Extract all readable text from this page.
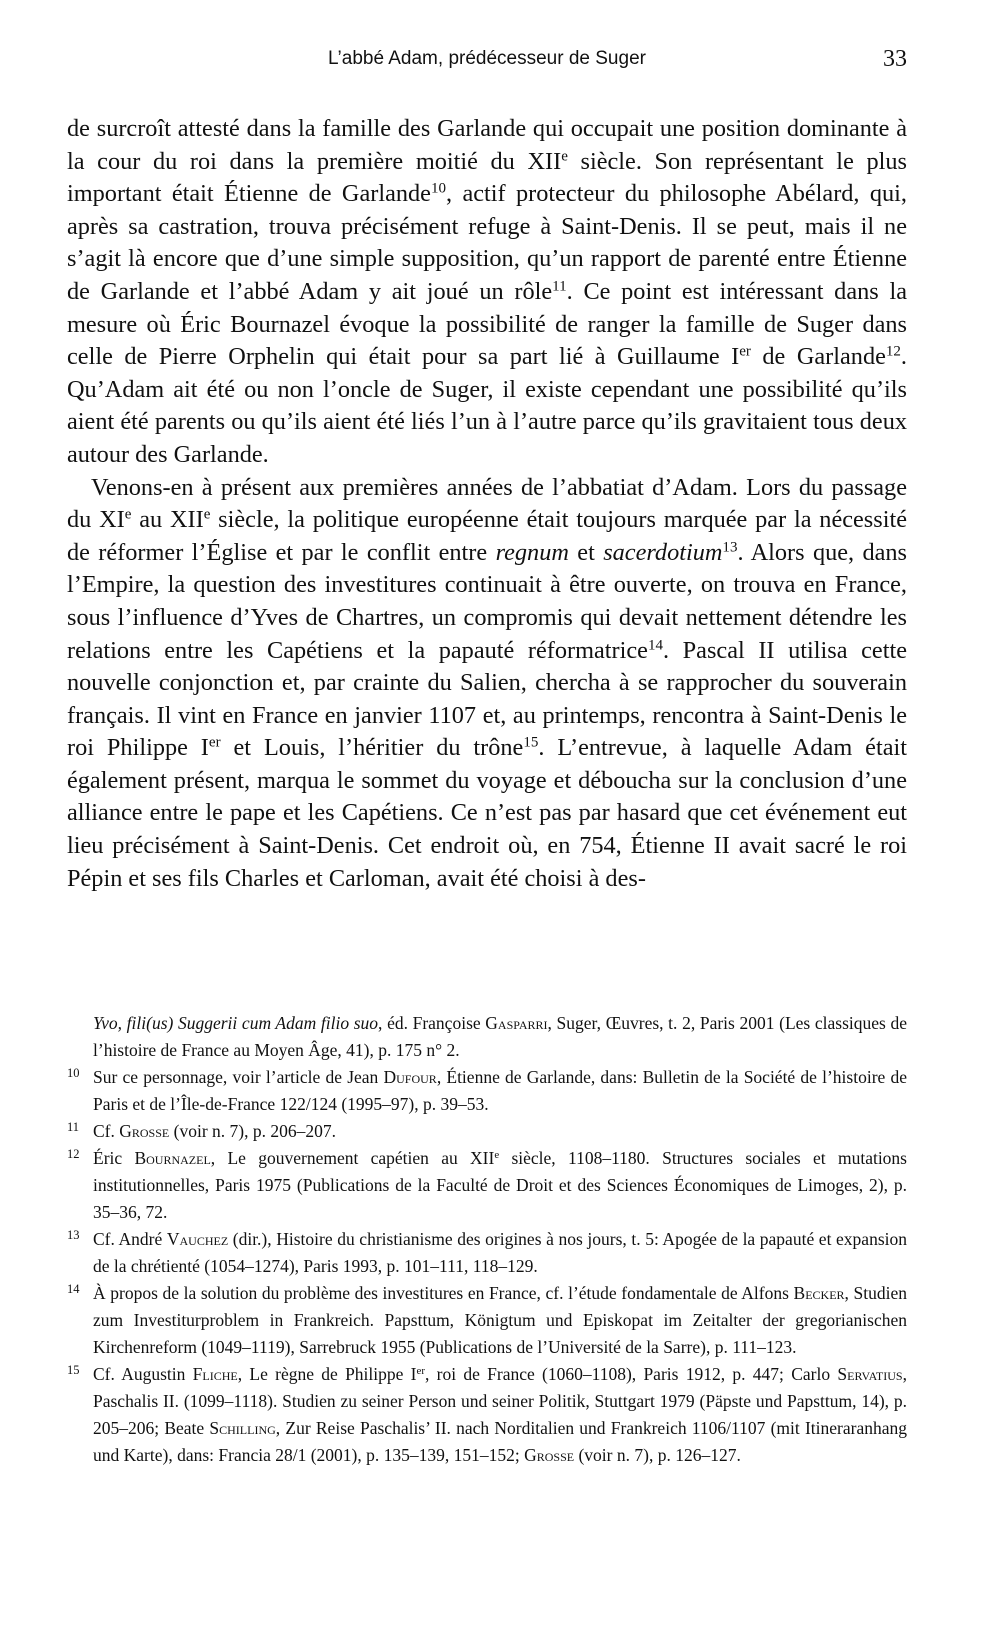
L’abbé Adam, prédécesseur de Suger	33

de surcroît attesté dans la famille des Garlande qui occupait une position dominante à la cour du roi dans la première moitié du XIIe siècle. Son représentant le plus important était Étienne de Garlande$^{10}$, actif protecteur du philosophe Abélard, qui, après sa castration, trouva précisément refuge à Saint-Denis. Il se peut, mais il ne s’agit là encore que d’une simple supposition, qu’un rapport de parenté entre Étienne de Garlande et l’abbé Adam y ait joué un rôle$^{11}$. Ce point est intéressant dans la mesure où Éric Bournazel évoque la possibilité de ranger la famille de Suger dans celle de Pierre Orphelin qui était pour sa part lié à Guillaume Ier de Garlande$^{12}$. Qu’Adam ait été ou non l’oncle de Suger, il existe cependant une possibilité qu’ils aient été parents ou qu’ils aient été liés l’un à l’autre parce qu’ils gravitaient tous deux autour des Garlande.

Venons-en à présent aux premières années de l’abbatiat d’Adam. Lors du passage du XIe au XIIe siècle, la politique européenne était toujours marquée par la nécessité de réformer l’Église et par le conflit entre regnum et sacerdotium$^{13}$. Alors que, dans l’Empire, la question des investitures continuait à être ouverte, on trouva en France, sous l’influence d’Yves de Chartres, un compromis qui devait nettement détendre les relations entre les Capétiens et la papauté réformatrice$^{14}$. Pascal II utilisa cette nouvelle conjonction et, par crainte du Salien, chercha à se rapprocher du souverain français. Il vint en France en janvier 1107 et, au printemps, rencontra à Saint-Denis le roi Philippe Ier et Louis, l’héritier du trône$^{15}$. L’entrevue, à laquelle Adam était également présent, marqua le sommet du voyage et déboucha sur la conclusion d’une alliance entre le pape et les Capétiens. Ce n’est pas par hasard que cet événement eut lieu précisément à Saint-Denis. Cet endroit où, en 754, Étienne II avait sacré le roi Pépin et ses fils Charles et Carloman, avait été choisi à des-

Yvo, fili(us) Suggerii cum Adam filio suo, éd. Françoise Gasparri, Suger, Œuvres, t. 2, Paris 2001 (Les classiques de l’histoire de France au Moyen Âge, 41), p. 175 n° 2.

10 Sur ce personnage, voir l’article de Jean Dufour, Étienne de Garlande, dans: Bulletin de la Société de l’histoire de Paris et de l’Île-de-France 122/124 (1995–97), p. 39–53.

11 Cf. Grosse (voir n. 7), p. 206–207.

12 Éric Bournazel, Le gouvernement capétien au XIIe siècle, 1108–1180. Structures sociales et mutations institutionnelles, Paris 1975 (Publications de la Faculté de Droit et des Sciences Économiques de Limoges, 2), p. 35–36, 72.

13 Cf. André Vauchez (dir.), Histoire du christianisme des origines à nos jours, t. 5: Apogée de la papauté et expansion de la chrétienté (1054–1274), Paris 1993, p. 101–111, 118–129.

14 À propos de la solution du problème des investitures en France, cf. l’étude fondamentale de Alfons Becker, Studien zum Investiturproblem in Frankreich. Papsttum, Königtum und Episkopat im Zeitalter der gregorianischen Kirchenreform (1049–1119), Sarrebruck 1955 (Publications de l’Université de la Sarre), p. 111–123.

15 Cf. Augustin Fliche, Le règne de Philippe Ier, roi de France (1060–1108), Paris 1912, p. 447; Carlo Servatius, Paschalis II. (1099–1118). Studien zu seiner Person und seiner Politik, Stuttgart 1979 (Päpste und Papsttum, 14), p. 205–206; Beate Schilling, Zur Reise Paschalis’ II. nach Norditalien und Frankreich 1106/1107 (mit Itineraranhang und Karte), dans: Francia 28/1 (2001), p. 135–139, 151–152; Grosse (voir n. 7), p. 126–127.
